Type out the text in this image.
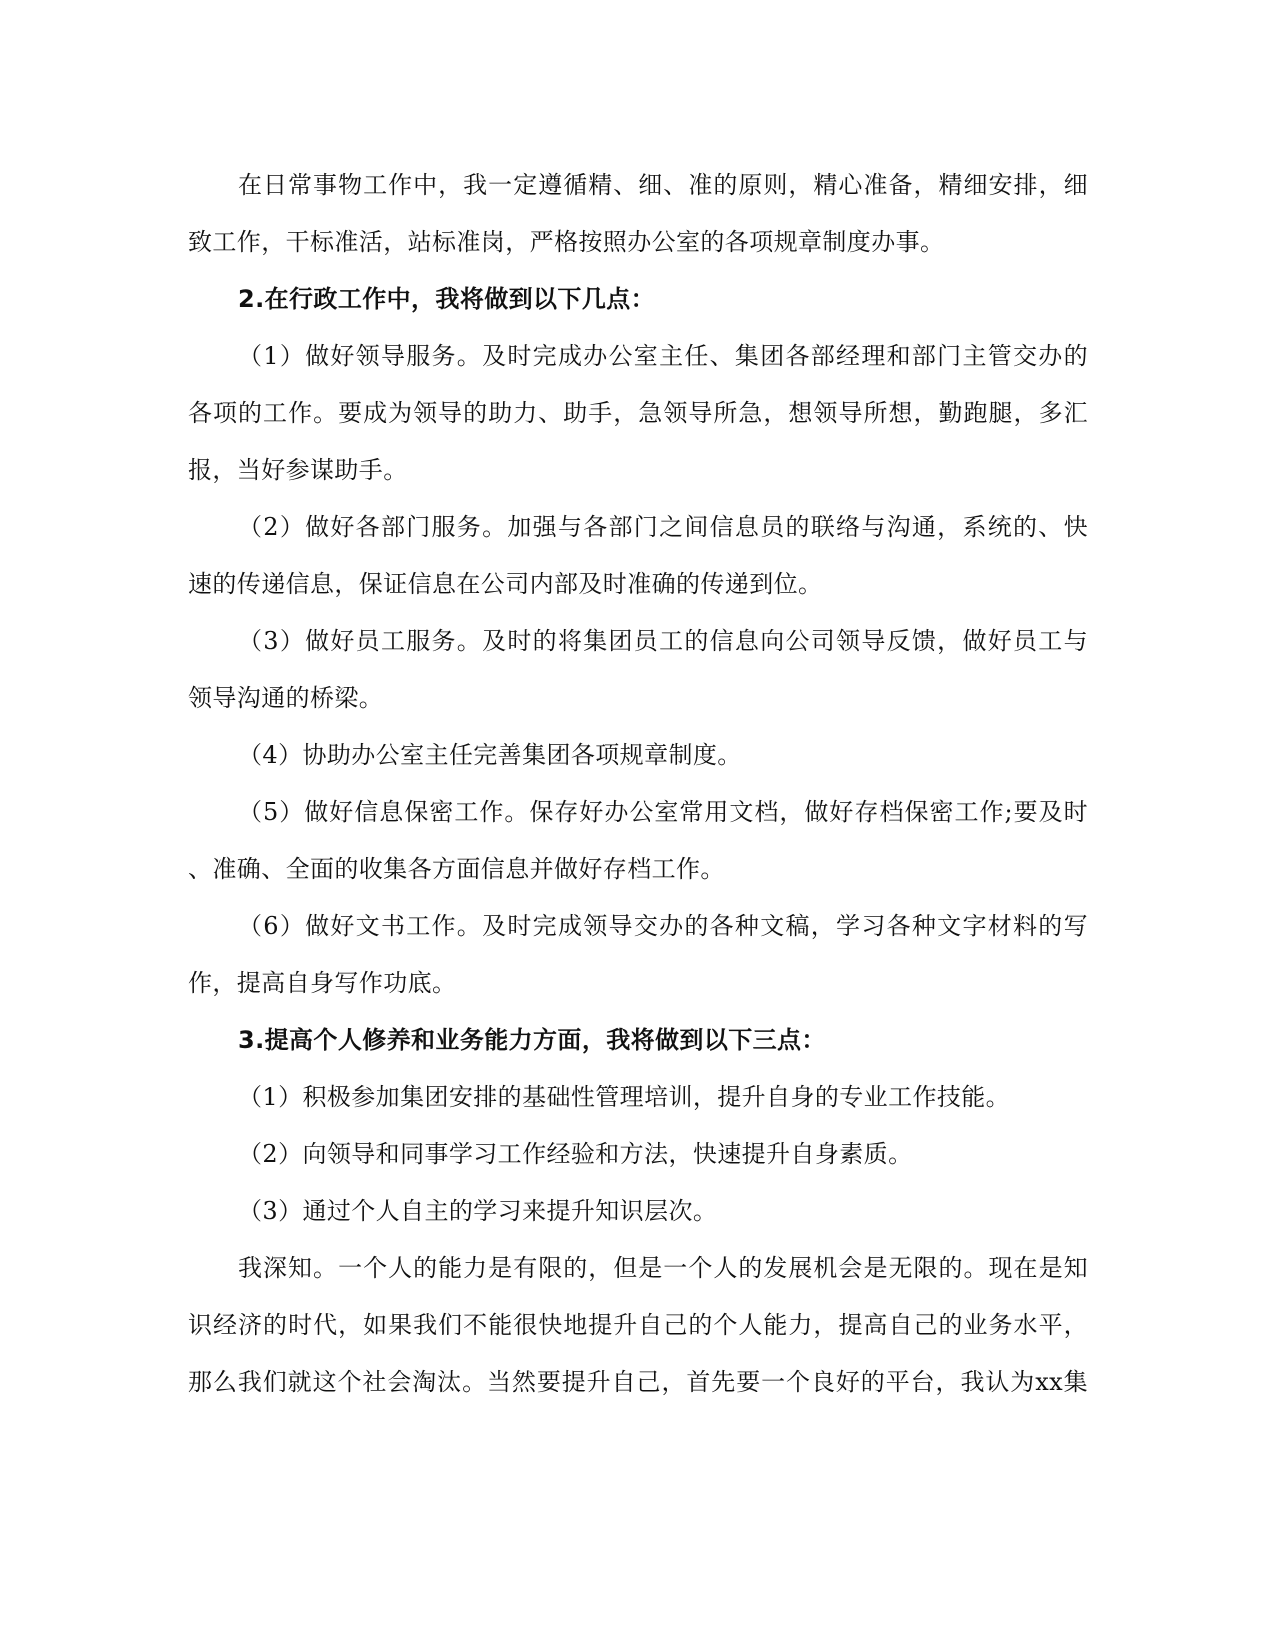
在日常事物工作中，我一定遵循精、细、准的原则，精心准备，精细安排，细
致工作，干标准活，站标准岗，严格按照办公室的各项规章制度办事。
2.在行政工作中，我将做到以下几点：
（1）做好领导服务。及时完成办公室主任、集团各部经理和部门主管交办的
各项的工作。要成为领导的助力、助手，急领导所急，想领导所想，勤跑腿，多汇
报，当好参谋助手。
（2）做好各部门服务。加强与各部门之间信息员的联络与沟通，系统的、快
速的传递信息，保证信息在公司内部及时准确的传递到位。
（3）做好员工服务。及时的将集团员工的信息向公司领导反馈，做好员工与
领导沟通的桥梁。
（4）协助办公室主任完善集团各项规章制度。
（5）做好信息保密工作。保存好办公室常用文档，做好存档保密工作;要及时
、准确、全面的收集各方面信息并做好存档工作。
（6）做好文书工作。及时完成领导交办的各种文稿，学习各种文字材料的写
作，提高自身写作功底。
3.提高个人修养和业务能力方面，我将做到以下三点：
（1）积极参加集团安排的基础性管理培训，提升自身的专业工作技能。
（2）向领导和同事学习工作经验和方法，快速提升自身素质。
（3）通过个人自主的学习来提升知识层次。
我深知。一个人的能力是有限的，但是一个人的发展机会是无限的。现在是知
识经济的时代，如果我们不能很快地提升自己的个人能力，提高自己的业务水平，
那么我们就这个社会淘汰。当然要提升自己，首先要一个良好的平台，我认为xx集
